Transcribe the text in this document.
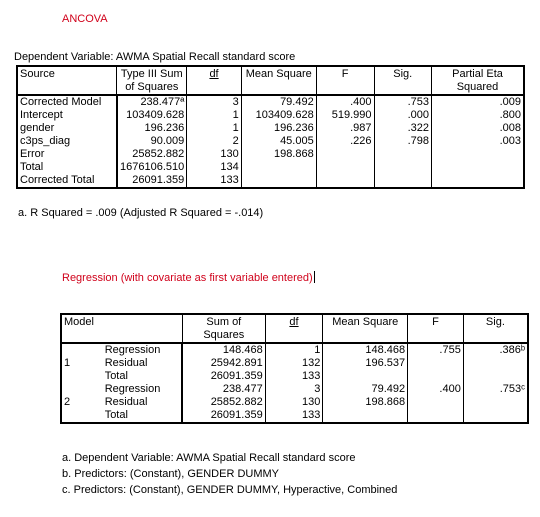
ANCOVA
Dependent Variable: AWMA Spatial Recall standard score
Source	Type III Sum
of Squares	df	Mean Square	F	Sig.	Partial Eta
Squared
Corrected Model	238.477ª	3	79.492	.400	.753	.009
Intercept	103409.628	1	103409.628	519.990	.000	.800
gender	196.236	1	196.236	.987	.322	.008
c3ps_diag	90.009	2	45.005	.226	.798	.003
Error	25852.882	130	198.868			
Total	1676106.510	134				
Corrected Total	26091.359	133				
a. R Squared = .009 (Adjusted R Squared = -.014)
Regression (with covariate as first variable entered)
Model		Sum of
Squares	df	Mean Square	F	Sig.
	Regression	148.468	1	148.468	.755	.386ᵇ
1	Residual	25942.891	132	196.537		
	Total	26091.359	133			
	Regression	238.477	3	79.492	.400	.753ᶜ
2	Residual	25852.882	130	198.868		
	Total	26091.359	133			
a. Dependent Variable: AWMA Spatial Recall standard score
b. Predictors: (Constant), GENDER DUMMY
c. Predictors: (Constant), GENDER DUMMY, Hyperactive, Combined
